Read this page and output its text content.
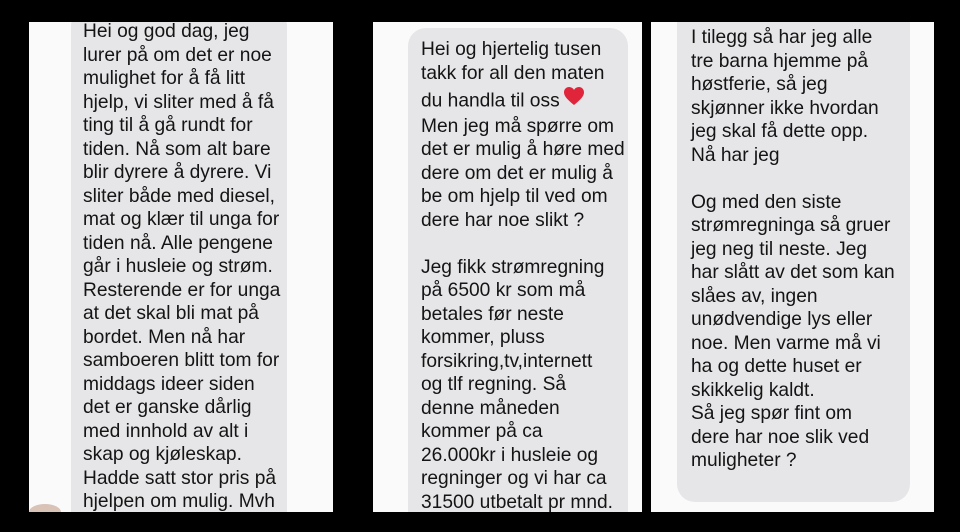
Hei og god dag, jeg
lurer på om det er noe
mulighet for å få litt
hjelp, vi sliter med å få
ting til å gå rundt for
tiden. Nå som alt bare
blir dyrere å dyrere. Vi
sliter både med diesel,
mat og klær til unga for
tiden nå. Alle pengene
går i husleie og strøm.
Resterende er for unga
at det skal bli mat på
bordet. Men nå har
samboeren blitt tom for
middags ideer siden
det er ganske dårlig
med innhold av alt i
skap og kjøleskap.
Hadde satt stor pris på
hjelpen om mulig. Mvh
Hei og hjertelig tusen
takk for all den maten
du handla til oss
Men jeg må spørre om
det er mulig å høre med
dere om det er mulig å
be om hjelp til ved om
dere har noe slikt ?
Jeg fikk strømregning
på 6500 kr som må
betales før neste
kommer, pluss
forsikring,tv,internett
og tlf regning. Så
denne måneden
kommer på ca
26.000kr i husleie og
regninger og vi har ca
31500 utbetalt pr mnd.
I tilegg så har jeg alle
tre barna hjemme på
høstferie, så jeg
skjønner ikke hvordan
jeg skal få dette opp.
Nå har jeg
Og med den siste
strømregninga så gruer
jeg neg til neste. Jeg
har slått av det som kan
slåes av, ingen
unødvendige lys eller
noe. Men varme må vi
ha og dette huset er
skikkelig kaldt.
Så jeg spør fint om
dere har noe slik ved
muligheter ?
